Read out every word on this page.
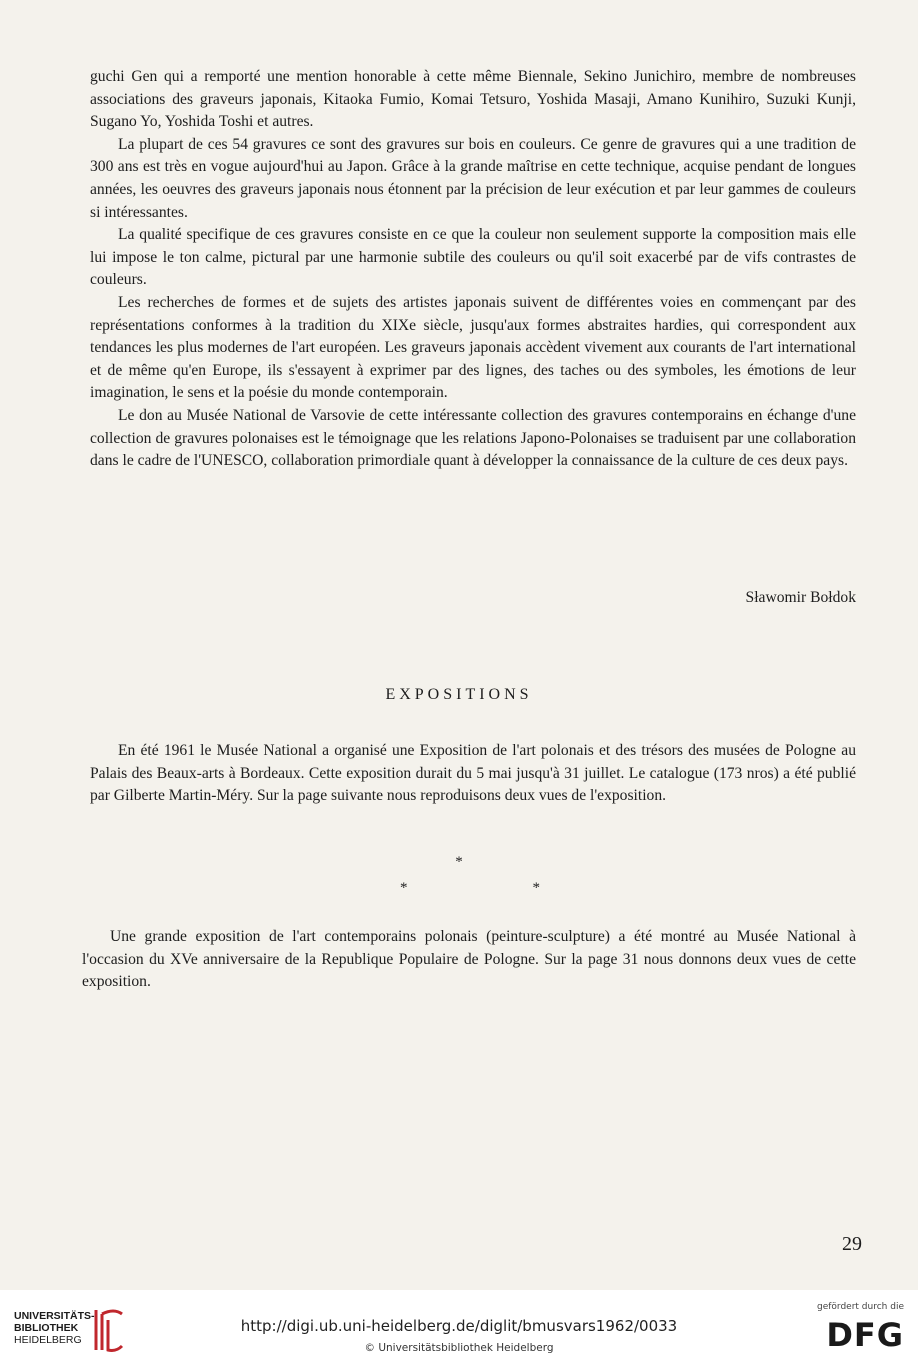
guchi Gen qui a remporté une mention honorable à cette même Biennale, Sekino Junichiro, membre de nombreuses associations des graveurs japonais, Kitaoka Fumio, Komai Tetsuro, Yoshida Masaji, Amano Kunihiro, Suzuki Kunji, Sugano Yo, Yoshida Toshi et autres.

La plupart de ces 54 gravures ce sont des gravures sur bois en couleurs. Ce genre de gravures qui a une tradition de 300 ans est très en vogue aujourd'hui au Japon. Grâce à la grande maîtrise en cette technique, acquise pendant de longues années, les oeuvres des graveurs japonais nous étonnent par la précision de leur exécution et par leur gammes de couleurs si intéressantes.

La qualité specifique de ces gravures consiste en ce que la couleur non seulement supporte la composition mais elle lui impose le ton calme, pictural par une harmonie subtile des couleurs ou qu'il soit exacerbé par de vifs contrastes de couleurs.

Les recherches de formes et de sujets des artistes japonais suivent de différentes voies en commençant par des représentations conformes à la tradition du XIXe siècle, jusqu'aux formes abstraites hardies, qui correspondent aux tendances les plus modernes de l'art européen. Les graveurs japonais accèdent vivement aux courants de l'art international et de même qu'en Europe, ils s'essayent à exprimer par des lignes, des taches ou des symboles, les émotions de leur imagination, le sens et la poésie du monde contemporain.

Le don au Musée National de Varsovie de cette intéressante collection des gravures contemporains en échange d'une collection de gravures polonaises est le témoignage que les relations Japono-Polonaises se traduisent par une collaboration dans le cadre de l'UNESCO, collaboration primordiale quant à développer la connaissance de la culture de ces deux pays.

Sławomir Bołdok
EXPOSITIONS

En été 1961 le Musée National a organisé une Exposition de l'art polonais et des trésors des musées de Pologne au Palais des Beaux-arts à Bordeaux. Cette exposition durait du 5 mai jusqu'à 31 juillet. Le catalogue (173 nros) a été publié par Gilberte Martin-Méry. Sur la page suivante nous reproduisons deux vues de l'exposition.

*
*	*

Une grande exposition de l'art contemporains polonais (peinture-sculpture) a été montré au Musée National à l'occasion du XVe anniversaire de la Republique Populaire de Pologne. Sur la page 31 nous donnons deux vues de cette exposition.

29
UNIVERSITÄTS-
BIBLIOTHEK
HEIDELBERG
http://digi.ub.uni-heidelberg.de/diglit/bmusvars1962/0033
© Universitätsbibliothek Heidelberg
gefördert durch die
DFG
